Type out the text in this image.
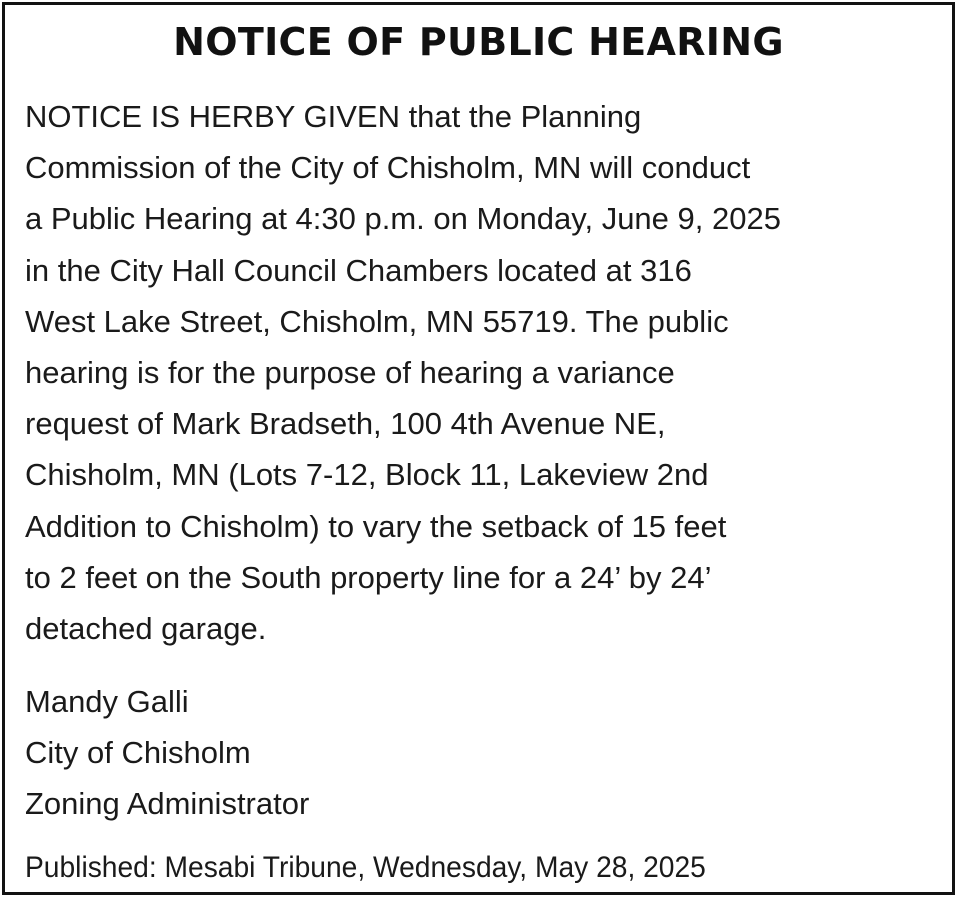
NOTICE OF PUBLIC HEARING
NOTICE IS HERBY GIVEN that the Planning
Commission of the City of Chisholm, MN will conduct
a Public Hearing at 4:30 p.m. on Monday, June 9, 2025
in the City Hall Council Chambers located at 316
West Lake Street, Chisholm, MN 55719. The public
hearing is for the purpose of hearing a variance
request of Mark Bradseth, 100 4th Avenue NE,
Chisholm, MN (Lots 7-12, Block 11, Lakeview 2nd
Addition to Chisholm) to vary the setback of 15 feet
to 2 feet on the South property line for a 24’ by 24’
detached garage.
Mandy Galli
City of Chisholm
Zoning Administrator
Published: Mesabi Tribune, Wednesday, May 28, 2025
